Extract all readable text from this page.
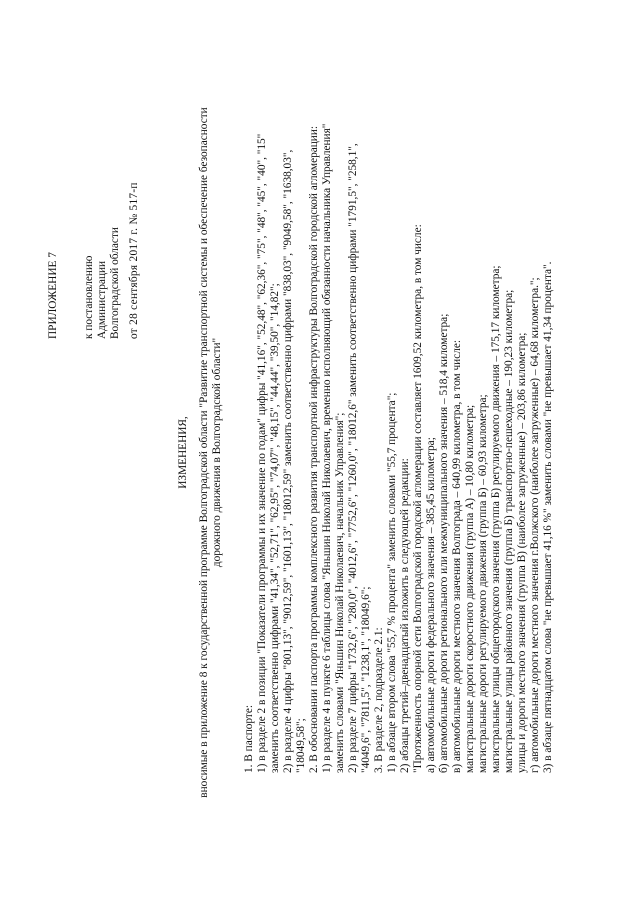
ПРИЛОЖЕНИЕ 7 к постановлению Администрации Волгоградской области от 28 сентября 2017 г. № 517-п
ИЗМЕНЕНИЯ, вносимые в приложение 8 к государственной программе Волгоградской области "Развитие транспортной системы и обеспечение безопасности дорожного движения в Волгоградской области"
1. В паспорте: 1) в разделе 2 в позиции "Показатели программы и их значение по годам" цифры "41,16", "52,48", "62,36", "75", "48", "45", "40", "15" заменить соответственно цифрами "41,34", "52,71", "62,95", "74,07", "48,15", "44,44", "39,50", "14,82"; 2) в разделе 4 цифры "801,13", "9012,59", "1601,13", "18012,59" заменить соответственно цифрами "838,03", "9049,58", "1638,03", "18049,58"; 2. В обосновании паспорта программы комплексного развития транспортной инфраструктуры Волгоградской городской агломерации: 1) в разделе 4 в пункте 6 таблицы слова "Яньшин Николай Николаевич, временно исполняющий обязанности начальника Управления" заменить словами "Яньшин Николай Николаевич, начальник Управления"; 2) в разделе 7 цифры "1732,6", "280,0", "4012,6", "7752,6", "1260,0", "18012,6" заменить соответственно цифрами "1791,5", "258,1", "4049,6", "7811,5", "1238,1", "18049,6"; 3. В разделе 2, подразделе 2.1: 1) в абзаце втором слова "55,7 % процента" заменить словами "55,7 процента"; 2) абзацы третий–двенадцатый изложить в следующей редакции: "Протяженность опорной сети Волгоградской городской агломерации составляет 1609,52 километра, в том числе: а) автомобильные дороги федерального значения – 385,45 километра; б) автомобильные дороги регионального или межмуниципального значения – 518,4 километра; в) автомобильные дороги местного значения Волгограда – 640,99 километра, в том числе: магистральные дороги скоростного движения (группа А) – 10,80 километра; магистральные дороги регулируемого движения (группа Б) – 60,93 километра; магистральные улицы общегородского значения (группа Б) регулируемого движения – 175,17 километра; магистральные улицы районного значения (группа Б) транспортно-пешеходные – 190,23 километра; улицы и дороги местного значения (группа В) (наиболее загруженные) – 203,86 километра; г) автомобильные дороги местного значения г.Волжского (наиболее загруженные) – 64,68 километра."; 3) в абзаце пятнадцатом слова "не превышает 41,16 %" заменить словами "не превышает 41,34 процента".
